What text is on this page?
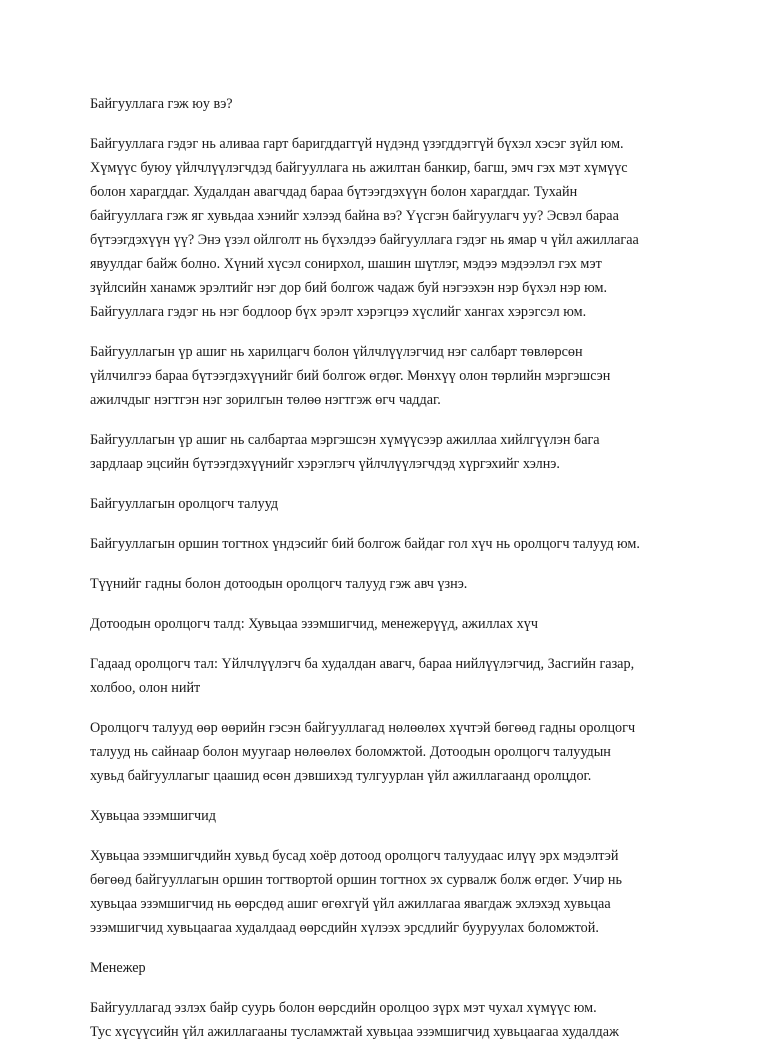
Байгууллага гэж юу вэ?
Байгууллага гэдэг нь аливаа гарт баригддаггүй нүдэнд үзэгддэггүй бүхэл хэсэг зүйл юм.
Хүмүүс буюу үйлчлүүлэгчдэд байгууллага нь ажилтан банкир, багш, эмч гэх мэт хүмүүс
болон харагддаг. Худалдан авагчдад бараа бүтээгдэхүүн болон харагддаг. Тухайн
байгууллага гэж яг хувьдаа хэнийг хэлээд байна вэ? Үүсгэн байгуулагч уу? Эсвэл бараа
бүтээгдэхүүн үү? Энэ үзэл ойлголт нь бүхэлдээ байгууллага гэдэг нь ямар ч үйл ажиллагаа
явуулдаг байж болно. Хүний хүсэл сонирхол, шашин шүтлэг, мэдээ мэдээлэл гэх мэт
зүйлсийн ханамж эрэлтийг нэг дор бий болгож чадаж буй нэгээхэн нэр бүхэл нэр юм.
Байгууллага гэдэг нь нэг бодлоор бүх эрэлт хэрэгцээ хүслийг хангах хэрэгсэл юм.
Байгууллагын үр ашиг нь харилцагч болон үйлчлүүлэгчид нэг салбарт төвлөрсөн
үйлчилгээ бараа бүтээгдэхүүнийг бий болгож өгдөг. Мөнхүү олон төрлийн мэргэшсэн
ажилчдыг нэгтгэн нэг зорилгын төлөө нэгтгэж өгч чаддаг.
Байгууллагын үр ашиг нь салбартаа мэргэшсэн хүмүүсээр ажиллаа хийлгүүлэн бага
зардлаар эцсийн бүтээгдэхүүнийг хэрэглэгч үйлчлүүлэгчдэд хүргэхийг хэлнэ.
Байгууллагын оролцогч талууд
Байгууллагын оршин тогтнох үндэсийг бий болгож байдаг гол хүч нь оролцогч талууд юм.
Түүнийг гадны болон дотоодын оролцогч талууд гэж авч үзнэ.
Дотоодын оролцогч талд: Хувьцаа эзэмшигчид, менежерүүд, ажиллах хүч
Гадаад оролцогч тал: Үйлчлүүлэгч ба худалдан авагч, бараа нийлүүлэгчид, Засгийн газар,
холбоо, олон нийт
Оролцогч талууд өөр өөрийн гэсэн байгууллагад нөлөөлөх хүчтэй бөгөөд гадны оролцогч
талууд нь сайнаар болон муугаар нөлөөлөх боломжтой. Дотоодын оролцогч талуудын
хувьд байгууллагыг цаашид өсөн дэвшихэд тулгуурлан үйл ажиллагаанд оролцдог.
Хувьцаа эзэмшигчид
Хувьцаа эзэмшигчдийн хувьд бусад хоёр дотоод оролцогч талуудаас илүү эрх мэдэлтэй
бөгөөд байгууллагын оршин тогтвортой оршин тогтнох эх сурвалж болж өгдөг. Учир нь
хувьцаа эзэмшигчид нь өөрсдөд ашиг өгөхгүй үйл ажиллагаа явагдаж эхлэхэд хувьцаа
эзэмшигчид хувьцаагаа худалдаад өөрсдийн хүлээх эрсдлийг бууруулах боломжтой.
Менежер
Байгууллагад эзлэх байр суурь болон өөрсдийн оролцоо зүрх мэт чухал хүмүүс юм.
Тус хүсүүсийн үйл ажиллагааны тусламжтай хувьцаа эзэмшигчид хувьцаагаа худалдаж
